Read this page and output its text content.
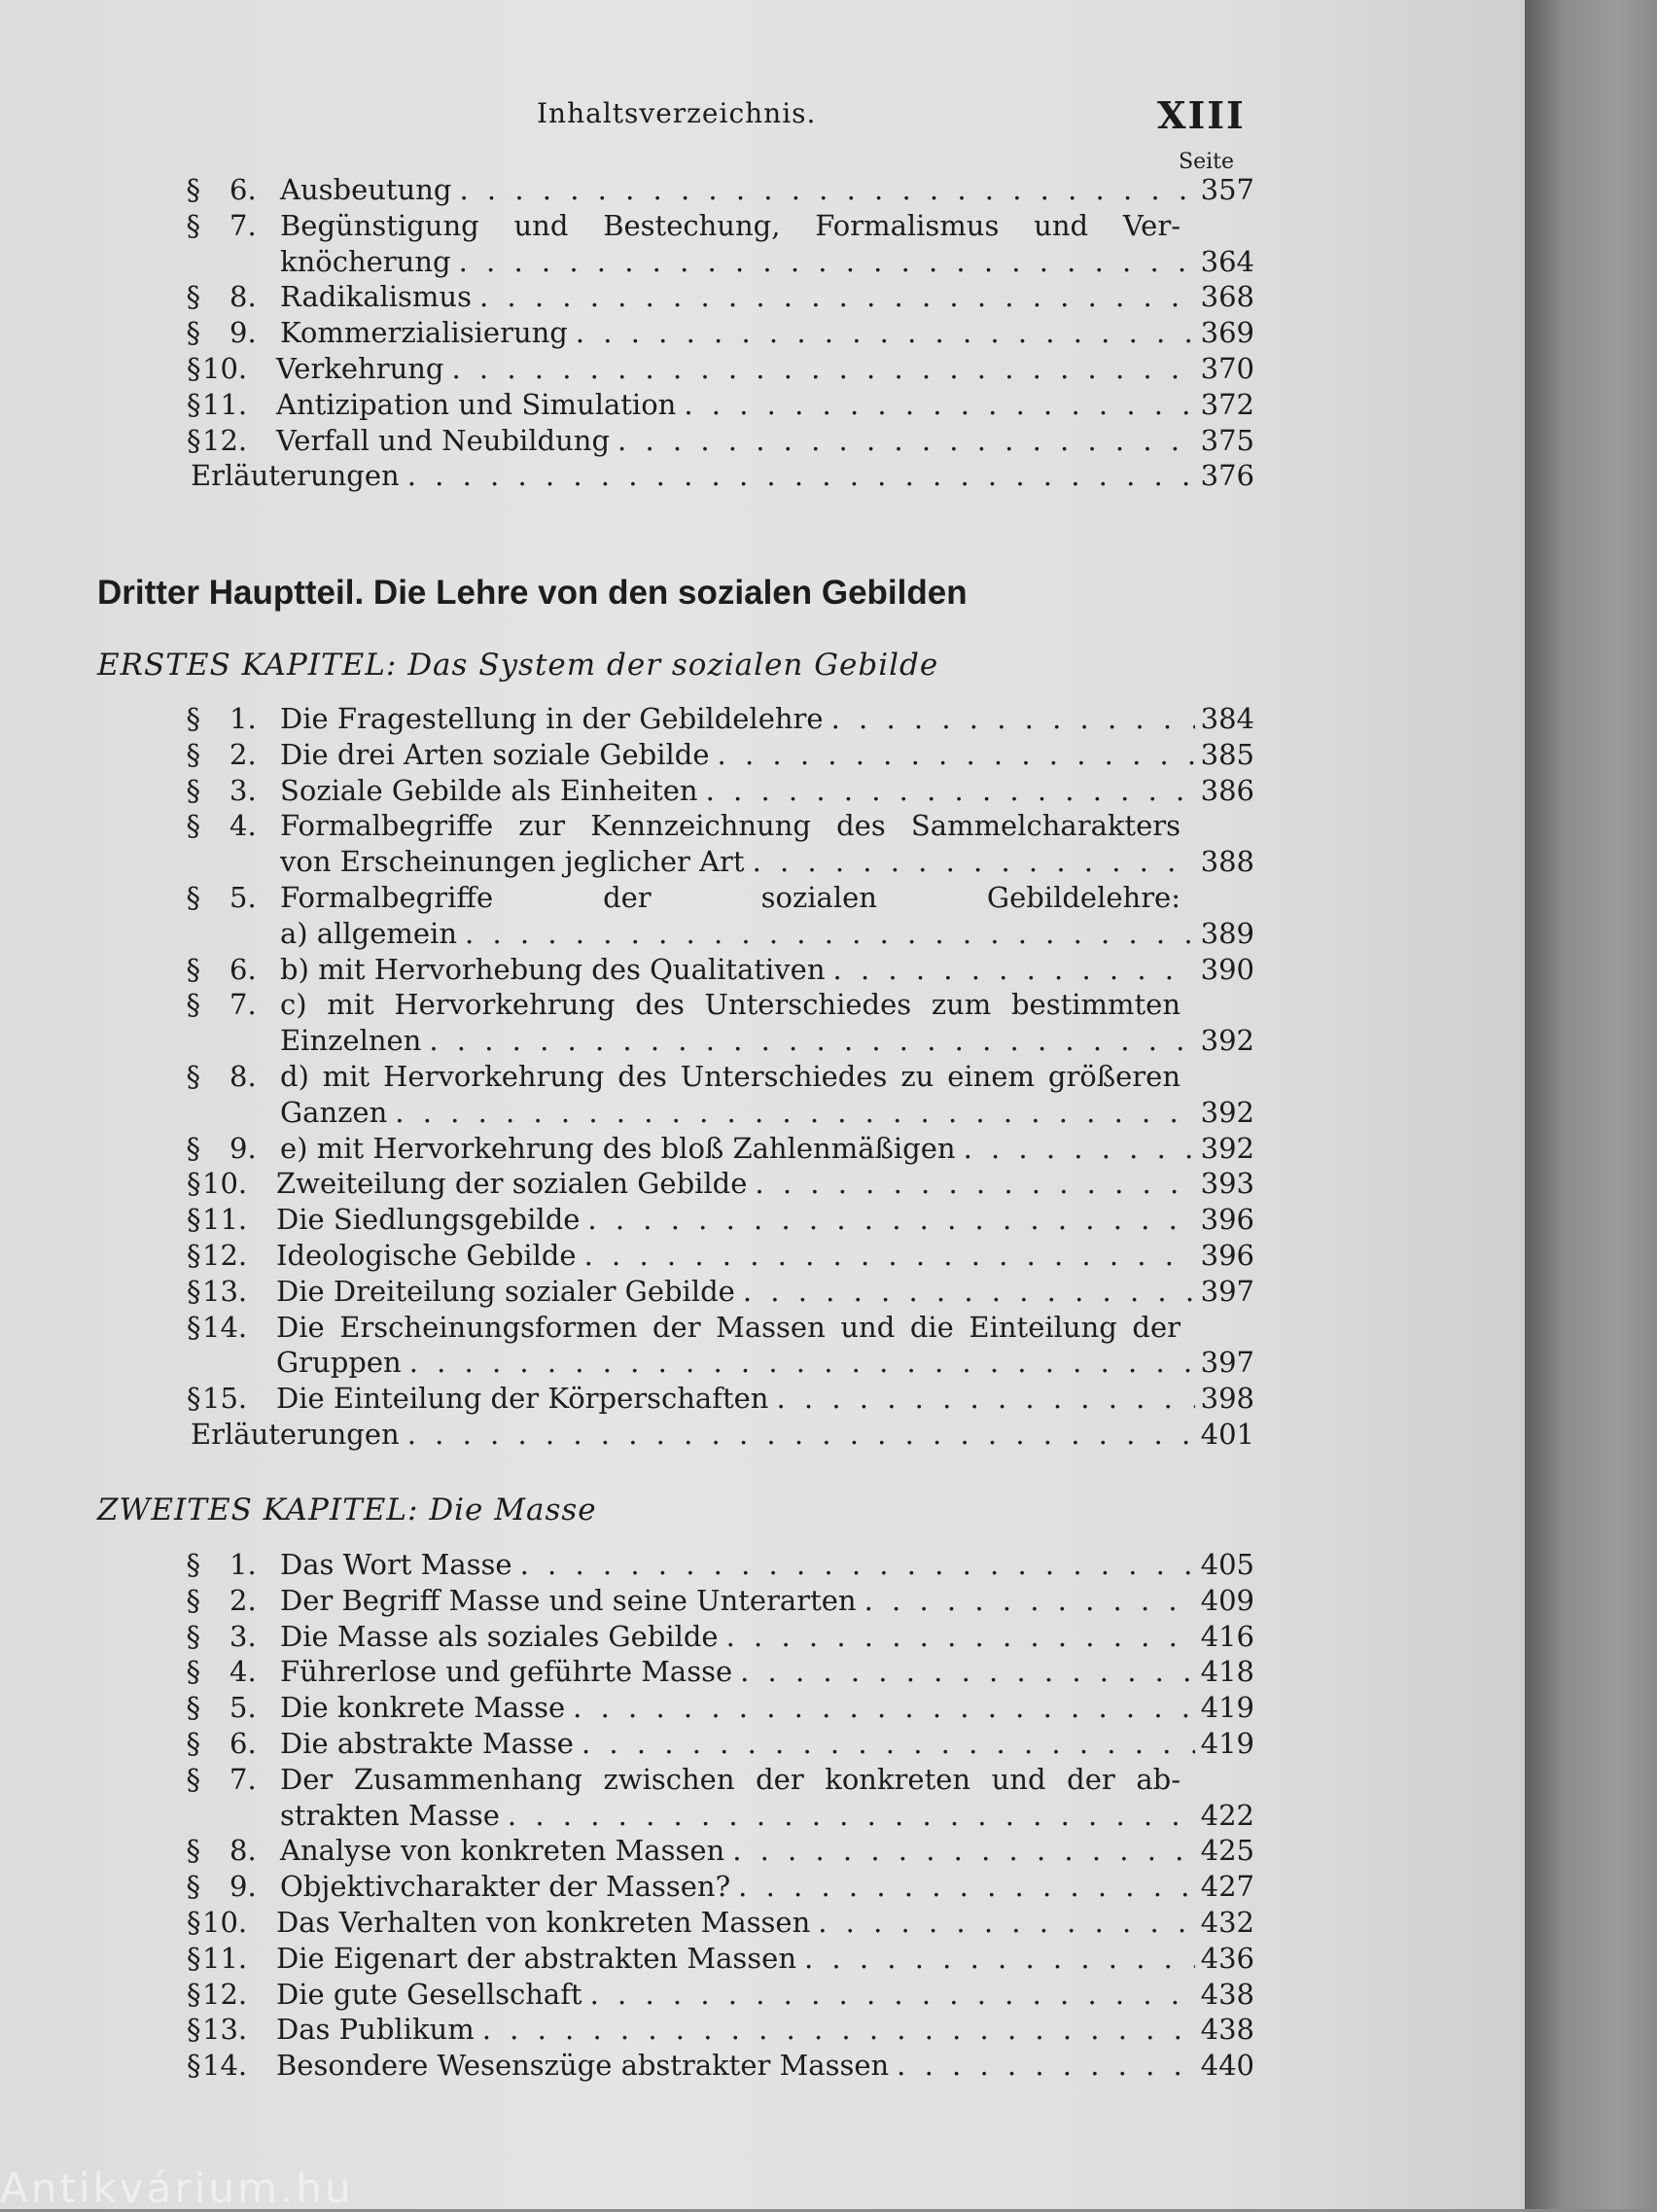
Inhaltsverzeichnis.	XIII
Seite
§ 6. Ausbeutung . . .	357
§ 7. Begünstigung und Bestechung, Formalismus und Ver-
knöcherung . . .	364
§ 8. Radikalismus . . .	368
§ 9. Kommerzialisierung . . .	369
§ 10. Verkehrung . . .	370
§ 11. Antizipation und Simulation . . .	372
§ 12. Verfall und Neubildung . . .	375
Erläuterungen . . .	376
Dritter Hauptteil. Die Lehre von den sozialen Gebilden
ERSTES KAPITEL: Das System der sozialen Gebilde
§ 1. Die Fragestellung in der Gebildelehre . . .	384
§ 2. Die drei Arten soziale Gebilde . . .	385
§ 3. Soziale Gebilde als Einheiten . . .	386
§ 4. Formalbegriffe zur Kennzeichnung des Sammelcharakters
von Erscheinungen jeglicher Art . . .	388
§ 5. Formalbegriffe der sozialen Gebildelehre:
a) allgemein . . .	389
§ 6. b) mit Hervorhebung des Qualitativen . . .	390
§ 7. c) mit Hervorkehrung des Unterschiedes zum bestimmten
Einzelnen . . .	392
§ 8. d) mit Hervorkehrung des Unterschiedes zu einem größeren
Ganzen . . .	392
§ 9. e) mit Hervorkehrung des bloß Zahlenmäßigen . . .	392
§ 10. Zweiteilung der sozialen Gebilde . . .	393
§ 11. Die Siedlungsgebilde . . .	396
§ 12. Ideologische Gebilde . . .	396
§ 13. Die Dreiteilung sozialer Gebilde . . .	397
§ 14. Die Erscheinungsformen der Massen und die Einteilung der
Gruppen . . .	397
§ 15. Die Einteilung der Körperschaften . . .	398
Erläuterungen . . .	401
ZWEITES KAPITEL: Die Masse
§ 1. Das Wort Masse . . .	405
§ 2. Der Begriff Masse und seine Unterarten . . .	409
§ 3. Die Masse als soziales Gebilde . . .	416
§ 4. Führerlose und geführte Masse . . .	418
§ 5. Die konkrete Masse . . .	419
§ 6. Die abstrakte Masse . . .	419
§ 7. Der Zusammenhang zwischen der konkreten und der ab-
strakten Masse . . .	422
§ 8. Analyse von konkreten Massen . . .	425
§ 9. Objektivcharakter der Massen? . . .	427
§ 10. Das Verhalten von konkreten Massen . . .	432
§ 11. Die Eigenart der abstrakten Massen . . .	436
§ 12. Die gute Gesellschaft . . .	438
§ 13. Das Publikum . . .	438
§ 14. Besondere Wesenszüge abstrakter Massen . . .	440
Antikvárium.hu
